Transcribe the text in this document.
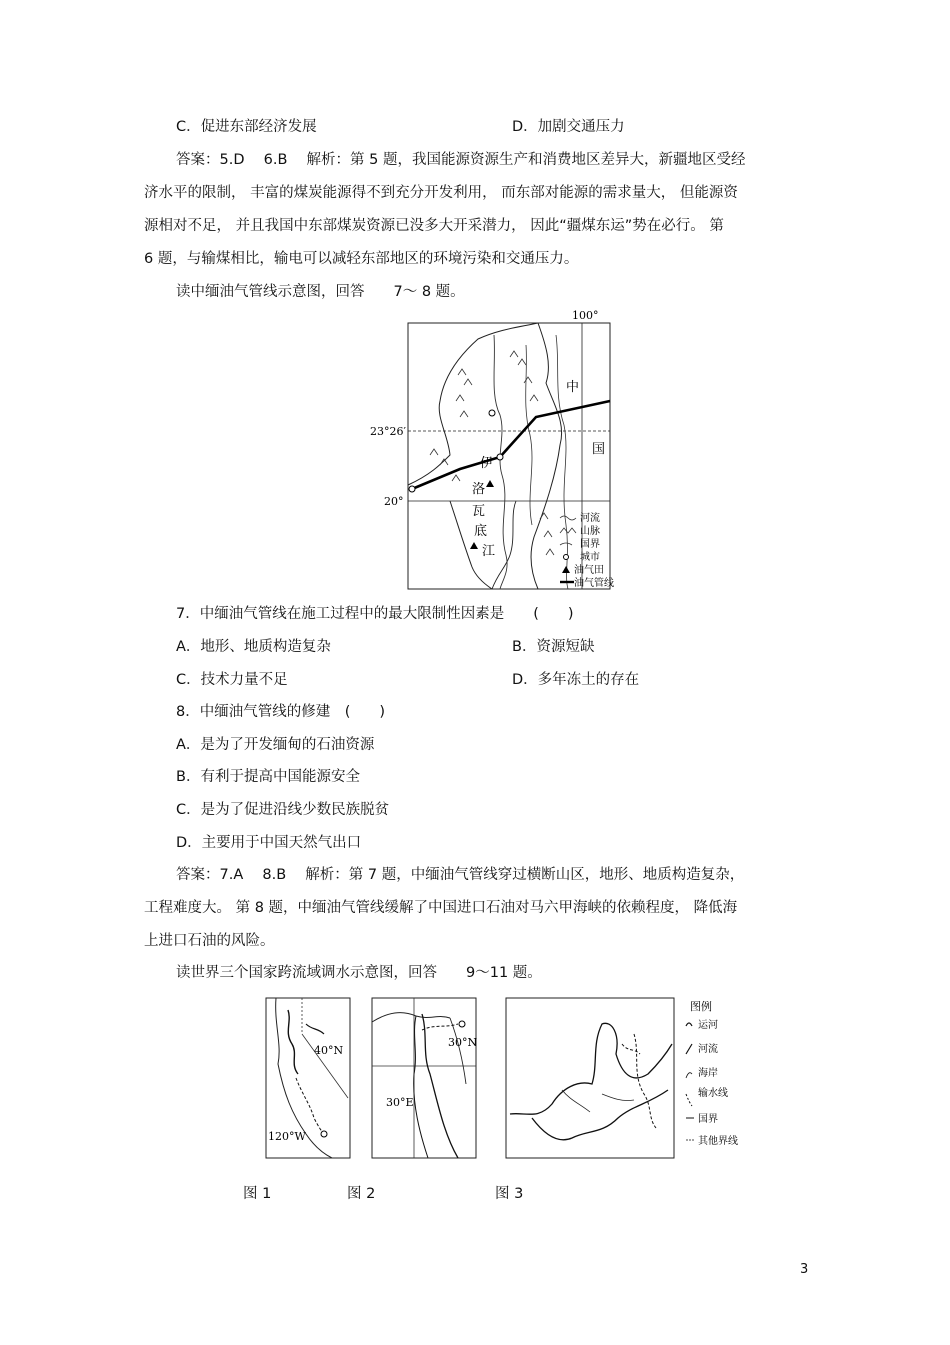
C．促进东部经济发展	D．加剧交通压力
答案：5.D　 6.B　 解析：第 5 题，我国能源资源生产和消费地区差异大，新疆地区受经
济水平的限制， 丰富的煤炭能源得不到充分开发利用， 而东部对能源的需求量大， 但能源资
源相对不足， 并且我国中东部煤炭资源已没多大开采潜力， 因此“疆煤东运”势在必行。 第
6 题，与输煤相比，输电可以减轻东部地区的环境污染和交通压力。
读中缅油气管线示意图，回答　　7～ 8 题。
100°
23°26′
20°
中
国
伊
洛
瓦
底
江
河流
山脉
国界
城市
油气田
油气管线
7．中缅油气管线在施工过程中的最大限制性因素是　　(　　)
A．地形、地质构造复杂	B．资源短缺
C．技术力量不足	D．多年冻土的存在
8．中缅油气管线的修建　(　　)
A．是为了开发缅甸的石油资源
B．有利于提高中国能源安全
C．是为了促进沿线少数民族脱贫
D．主要用于中国天然气出口
答案：7.A　 8.B　 解析：第 7 题，中缅油气管线穿过横断山区，地形、地质构造复杂，
工程难度大。 第 8 题，中缅油气管线缓解了中国进口石油对马六甲海峡的依赖程度， 降低海
上进口石油的风险。
读世界三个国家跨流域调水示意图，回答　　9～11 题。
40°N
120°W
30°N
30°E
图例
运河
河流
海岸
输水线
国界
其他界线
图 1	图 2	图 3
3
